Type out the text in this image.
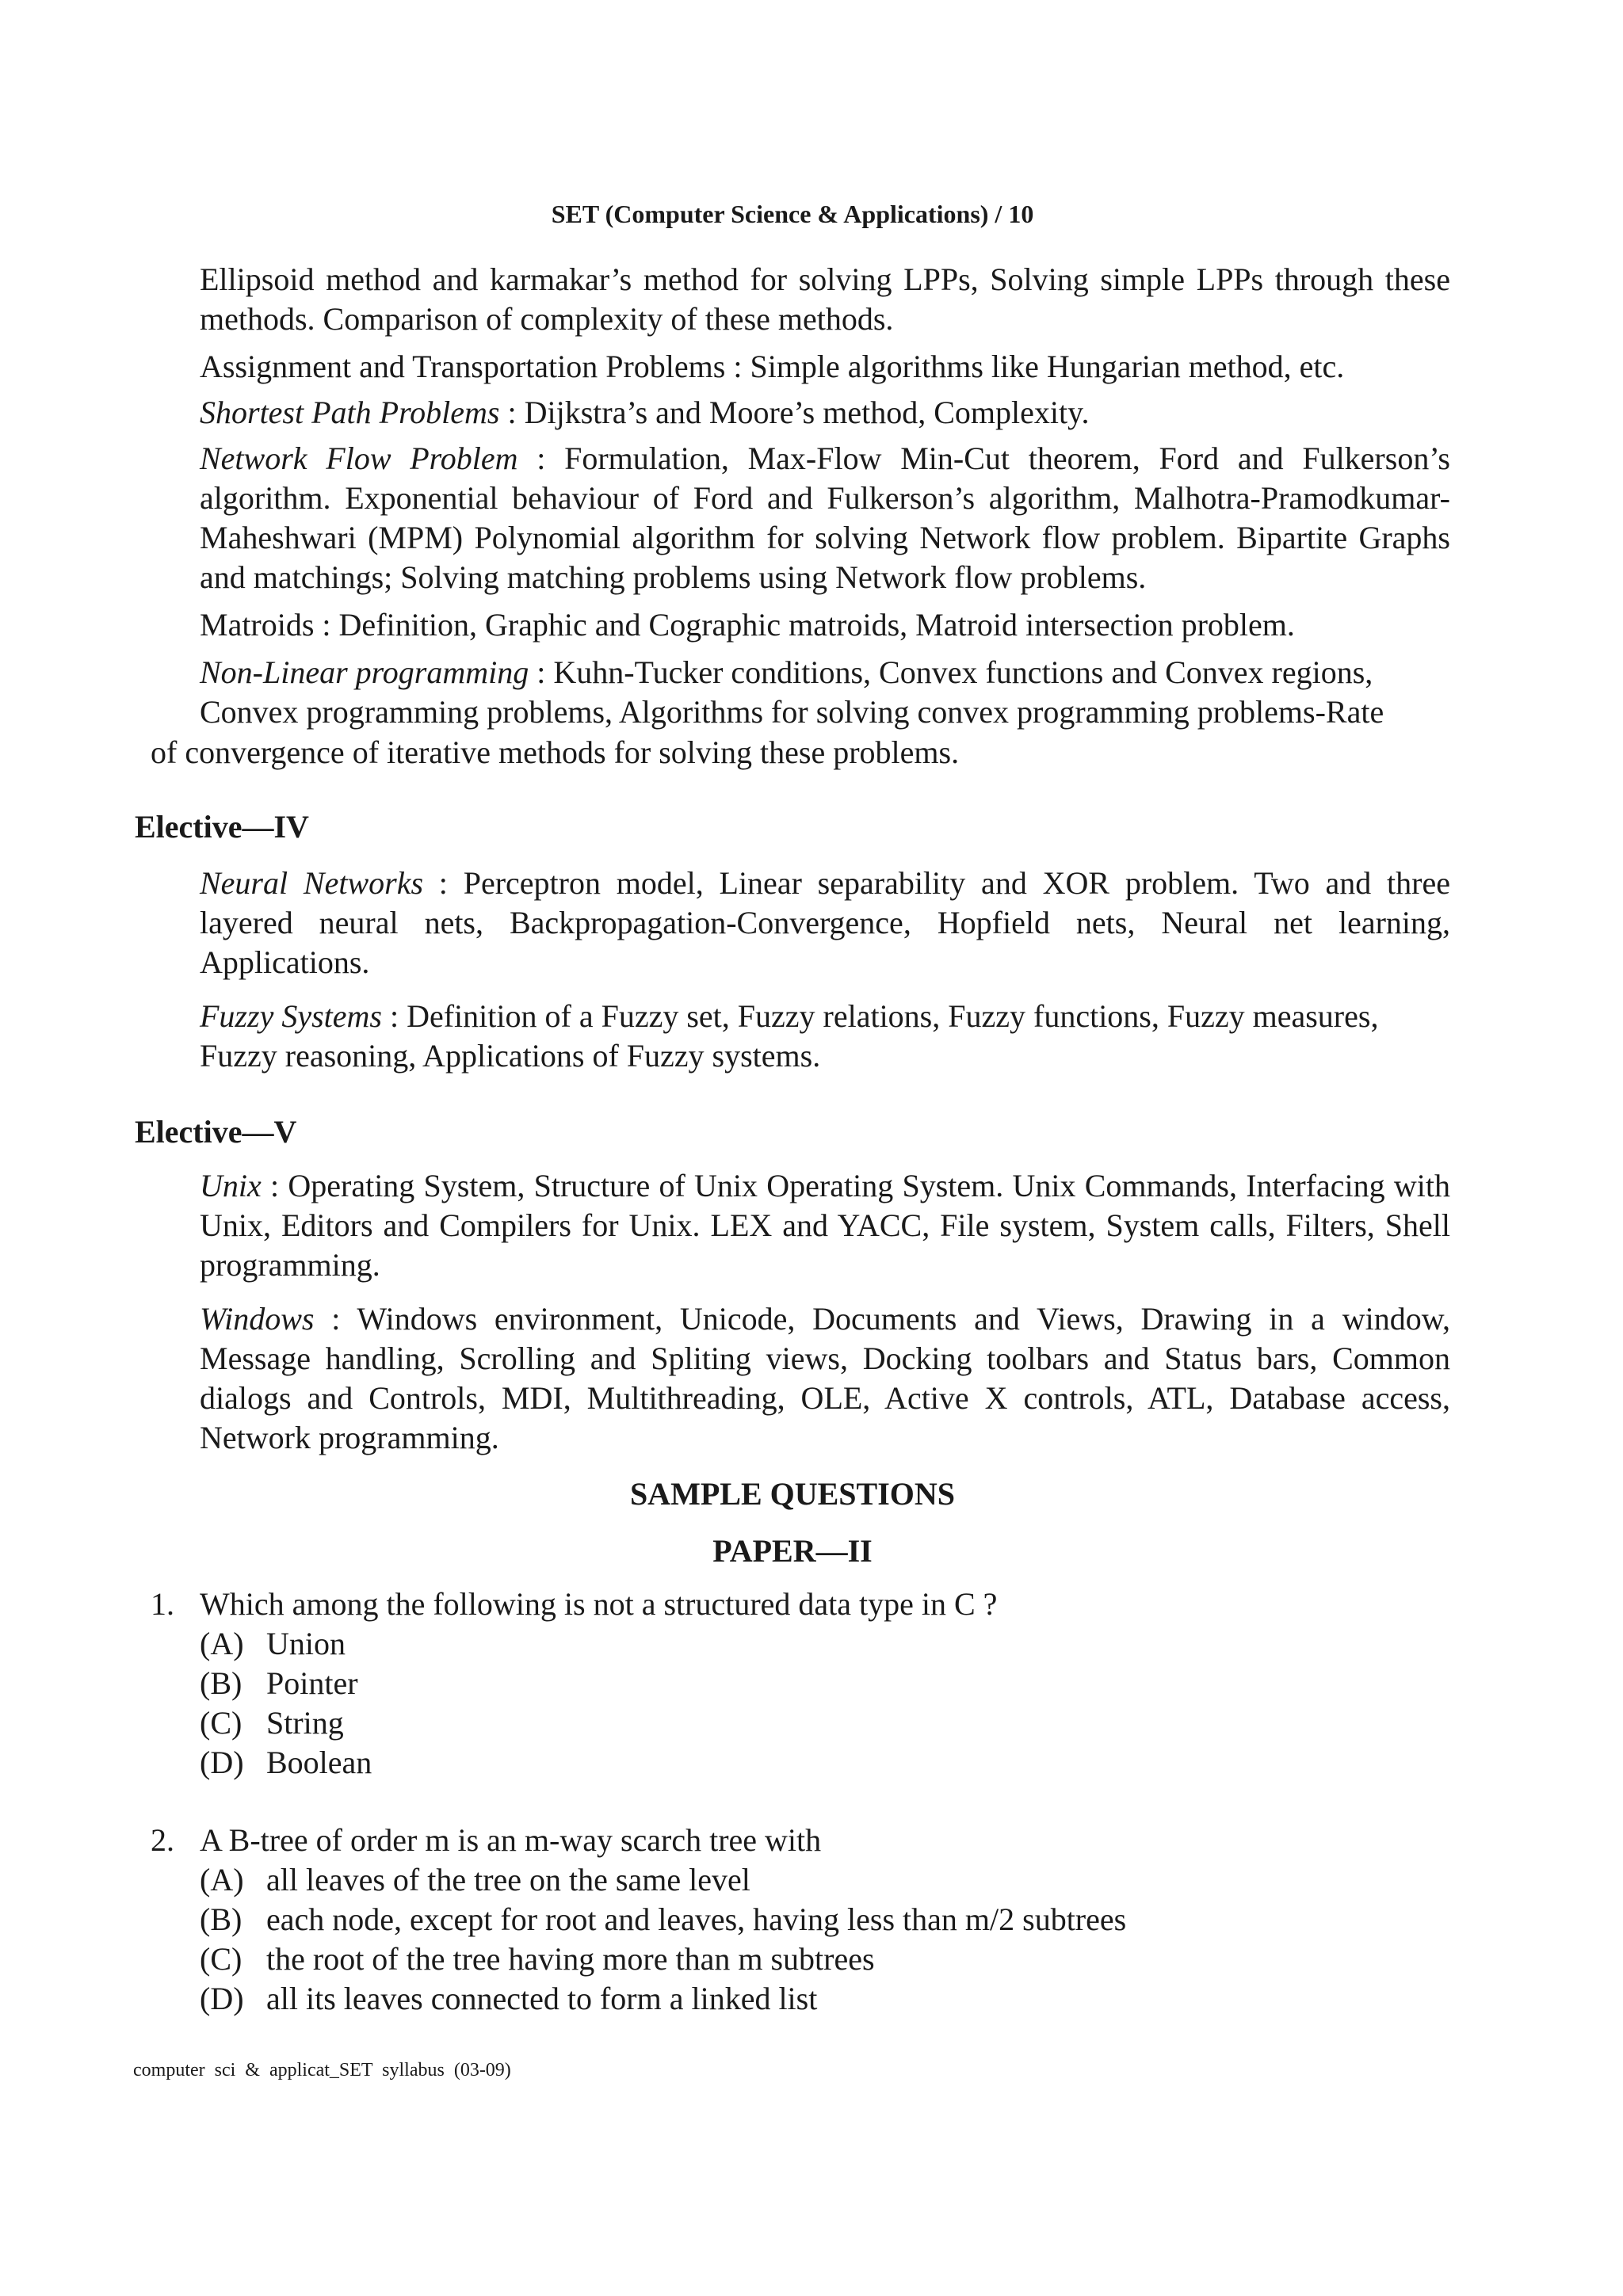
SET (Computer Science & Applications) / 10

Ellipsoid method and karmakar’s method for solving LPPs, Solving simple LPPs through these methods. Comparison of complexity of these methods.

Assignment and Transportation Problems : Simple algorithms like Hungarian method, etc.

Shortest Path Problems : Dijkstra’s and Moore’s method, Complexity.

Network Flow Problem : Formulation, Max-Flow Min-Cut theorem, Ford and Fulkerson’s algorithm. Exponential behaviour of Ford and Fulkerson’s algorithm, Malhotra-Pramodkumar-Maheshwari (MPM) Polynomial algorithm for solving Network flow problem. Bipartite Graphs and matchings; Solving matching problems using Network flow problems.

Matroids : Definition, Graphic and Cographic matroids, Matroid intersection problem.

Non-Linear programming : Kuhn-Tucker conditions, Convex functions and Convex regions,

Convex programming problems, Algorithms for solving convex programming problems-Rate

of convergence of iterative methods for solving these problems.
Elective—IV

Neural Networks : Perceptron model, Linear separability and XOR problem. Two and three layered neural nets, Backpropagation-Convergence, Hopfield nets, Neural net learning, Applications.

Fuzzy Systems : Definition of a Fuzzy set, Fuzzy relations, Fuzzy functions, Fuzzy measures, Fuzzy reasoning, Applications of Fuzzy systems.

Elective—V

Unix : Operating System, Structure of Unix Operating System. Unix Commands, Interfacing with Unix, Editors and Compilers for Unix. LEX and YACC, File system, System calls, Filters, Shell programming.

Windows : Windows environment, Unicode, Documents and Views, Drawing in a window, Message handling, Scrolling and Spliting views, Docking toolbars and Status bars, Common dialogs and Controls, MDI, Multithreading, OLE, Active X controls, ATL, Database access, Network programming.

SAMPLE QUESTIONS
PAPER—II
1. Which among the following is not a structured data type in C ?
(A) Union
(B) Pointer
(C) String
(D) Boolean
2. A B-tree of order m is an m-way scarch tree with
(A) all leaves of the tree on the same level
(B) each node, except for root and leaves, having less than m/2 subtrees
(C) the root of the tree having more than m subtrees
(D) all its leaves connected to form a linked list
computer sci & applicat_SET syllabus (03-09)
